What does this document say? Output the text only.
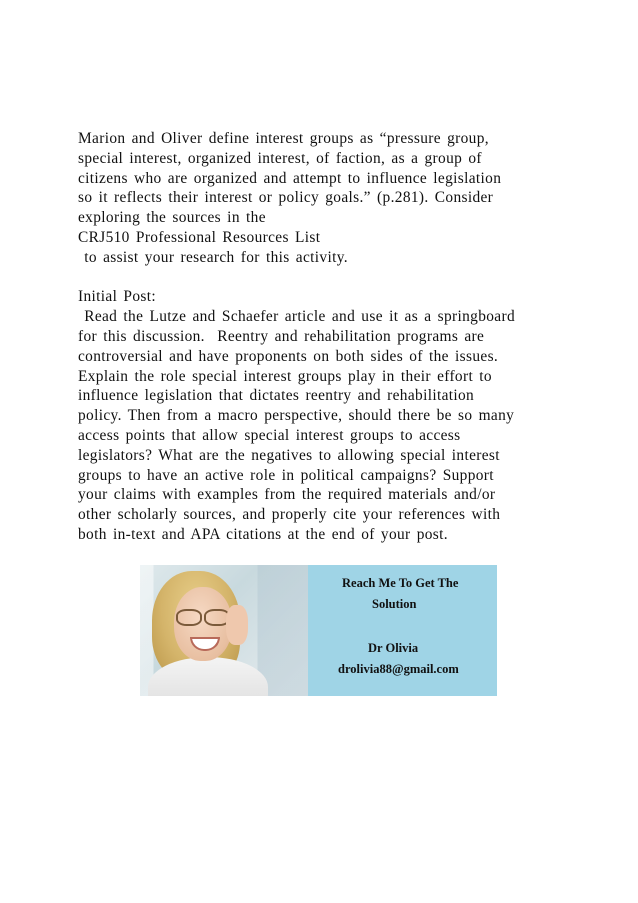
Marion and Oliver define interest groups as “pressure group,
special interest, organized interest, of faction, as a group of
citizens who are organized and attempt to influence legislation
so it reflects their interest or policy goals.” (p.281). Consider
exploring the sources in the
CRJ510 Professional Resources List
to assist your research for this activity.
Initial Post:
Read the Lutze and Schaefer article and use it as a springboard
for this discussion.  Reentry and rehabilitation programs are
controversial and have proponents on both sides of the issues.
Explain the role special interest groups play in their effort to
influence legislation that dictates reentry and rehabilitation
policy. Then from a macro perspective, should there be so many
access points that allow special interest groups to access
legislators? What are the negatives to allowing special interest
groups to have an active role in political campaigns? Support
your claims with examples from the required materials and/or
other scholarly sources, and properly cite your references with
both in-text and APA citations at the end of your post.
Reach Me To Get The
Solution
Dr Olivia
drolivia88@gmail.com
